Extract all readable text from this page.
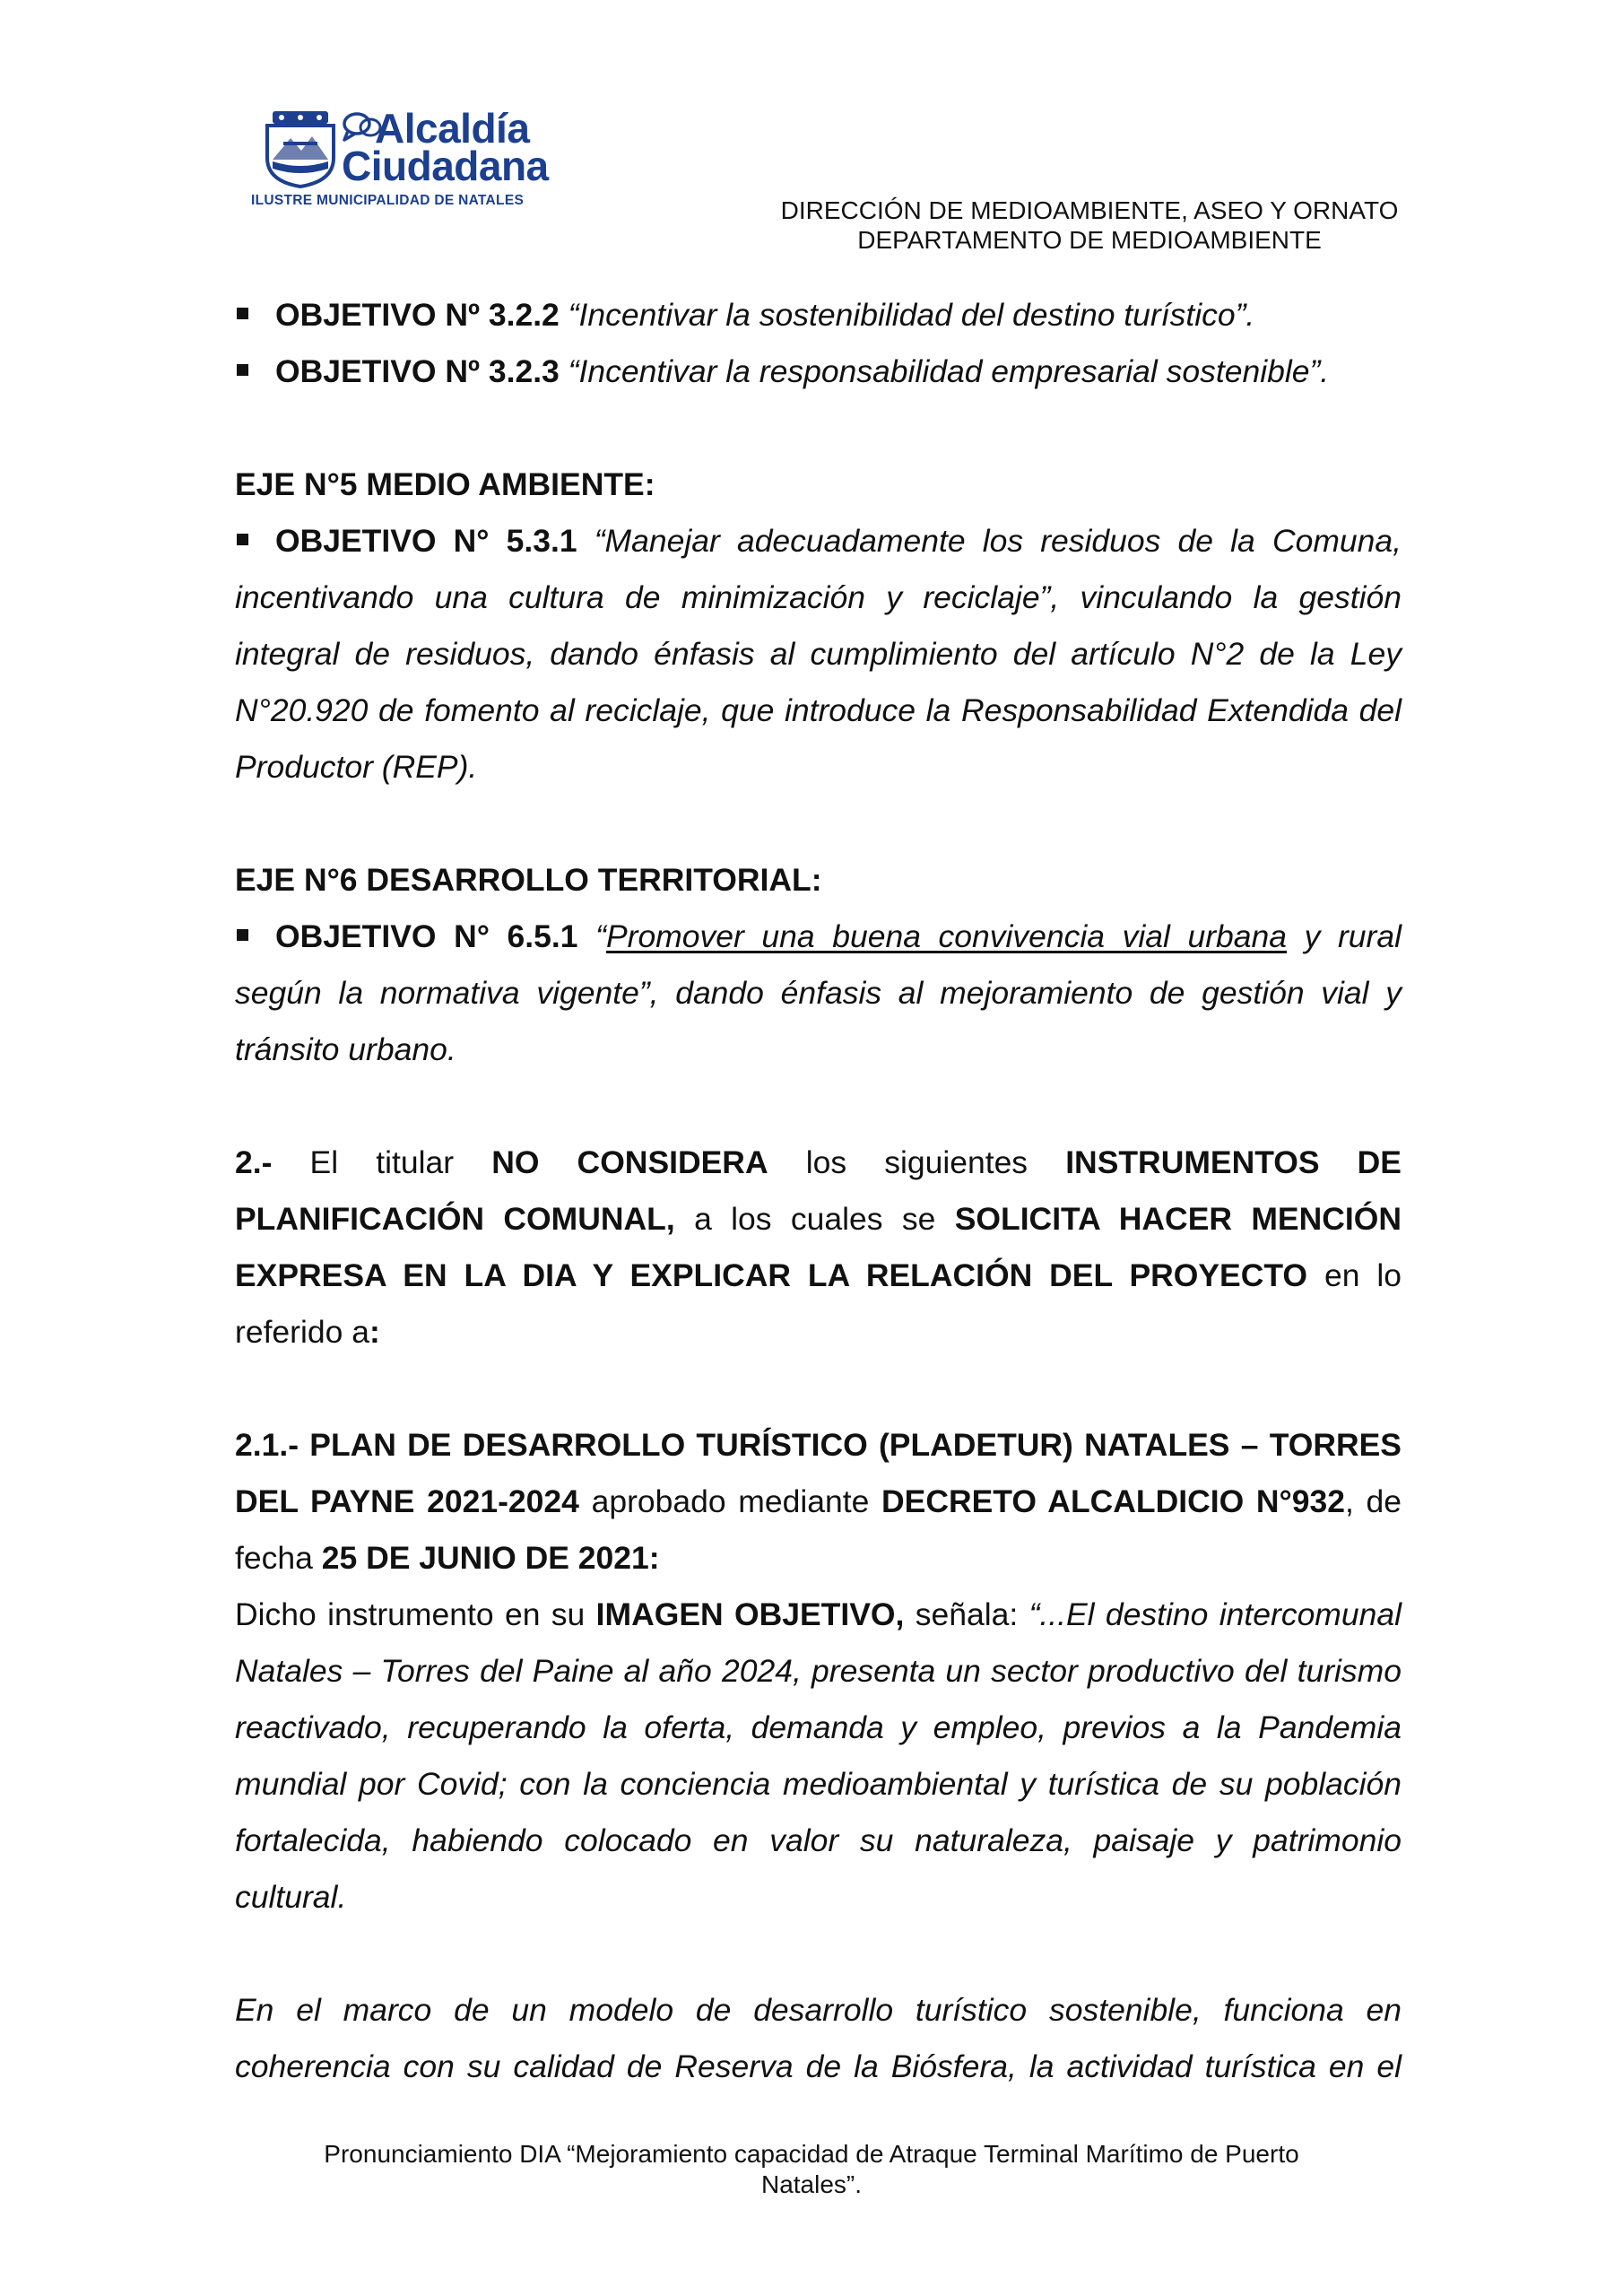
Alcaldía
Ciudadana
ILUSTRE MUNICIPALIDAD DE NATALES	DIRECCIÓN DE MEDIOAMBIENTE, ASEO Y ORNATO
DEPARTAMENTO DE MEDIOAMBIENTE

OBJETIVO Nº 3.2.2 “Incentivar la sostenibilidad del destino turístico”.

OBJETIVO Nº 3.2.3 “Incentivar la responsabilidad empresarial sostenible”.

EJE N°5 MEDIO AMBIENTE:

OBJETIVO N° 5.3.1 “Manejar adecuadamente los residuos de la Comuna, incentivando una cultura de minimización y reciclaje”, vinculando la gestión integral de residuos, dando énfasis al cumplimiento del artículo N°2 de la Ley N°20.920 de fomento al reciclaje, que introduce la Responsabilidad Extendida del Productor (REP).

EJE N°6 DESARROLLO TERRITORIAL:

OBJETIVO N° 6.5.1 “Promover una buena convivencia vial urbana y rural según la normativa vigente”, dando énfasis al mejoramiento de gestión vial y tránsito urbano.

2.- El titular NO CONSIDERA los siguientes INSTRUMENTOS DE PLANIFICACIÓN COMUNAL, a los cuales se SOLICITA HACER MENCIÓN EXPRESA EN LA DIA Y EXPLICAR LA RELACIÓN DEL PROYECTO en lo referido a:

2.1.- PLAN DE DESARROLLO TURÍSTICO (PLADETUR) NATALES – TORRES DEL PAYNE 2021-2024 aprobado mediante DECRETO ALCALDICIO N°932, de fecha 25 DE JUNIO DE 2021:

Dicho instrumento en su IMAGEN OBJETIVO, señala: “...El destino intercomunal Natales – Torres del Paine al año 2024, presenta un sector productivo del turismo reactivado, recuperando la oferta, demanda y empleo, previos a la Pandemia mundial por Covid; con la conciencia medioambiental y turística de su población fortalecida, habiendo colocado en valor su naturaleza, paisaje y patrimonio cultural.

En el marco de un modelo de desarrollo turístico sostenible, funciona en coherencia con su calidad de Reserva de la Biósfera, la actividad turística en el

Pronunciamiento DIA “Mejoramiento capacidad de Atraque Terminal Marítimo de Puerto
Natales”.
